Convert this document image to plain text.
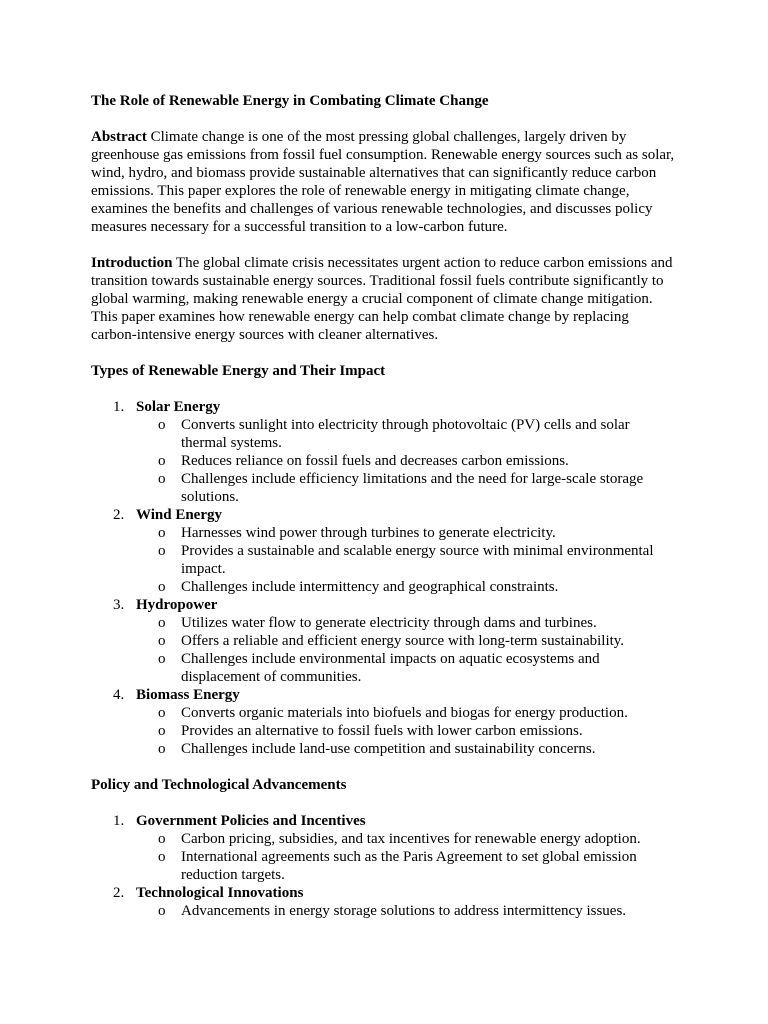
The Role of Renewable Energy in Combating Climate Change

Abstract Climate change is one of the most pressing global challenges, largely driven by
greenhouse gas emissions from fossil fuel consumption. Renewable energy sources such as solar,
wind, hydro, and biomass provide sustainable alternatives that can significantly reduce carbon
emissions. This paper explores the role of renewable energy in mitigating climate change,
examines the benefits and challenges of various renewable technologies, and discusses policy
measures necessary for a successful transition to a low-carbon future.

Introduction The global climate crisis necessitates urgent action to reduce carbon emissions and
transition towards sustainable energy sources. Traditional fossil fuels contribute significantly to
global warming, making renewable energy a crucial component of climate change mitigation.
This paper examines how renewable energy can help combat climate change by replacing
carbon-intensive energy sources with cleaner alternatives.

Types of Renewable Energy and Their Impact

1. Solar Energy
o Converts sunlight into electricity through photovoltaic (PV) cells and solar
thermal systems.
o Reduces reliance on fossil fuels and decreases carbon emissions.
o Challenges include efficiency limitations and the need for large-scale storage
solutions.
2. Wind Energy
o Harnesses wind power through turbines to generate electricity.
o Provides a sustainable and scalable energy source with minimal environmental
impact.
o Challenges include intermittency and geographical constraints.
3. Hydropower
o Utilizes water flow to generate electricity through dams and turbines.
o Offers a reliable and efficient energy source with long-term sustainability.
o Challenges include environmental impacts on aquatic ecosystems and
displacement of communities.
4. Biomass Energy
o Converts organic materials into biofuels and biogas for energy production.
o Provides an alternative to fossil fuels with lower carbon emissions.
o Challenges include land-use competition and sustainability concerns.

Policy and Technological Advancements

1. Government Policies and Incentives
o Carbon pricing, subsidies, and tax incentives for renewable energy adoption.
o International agreements such as the Paris Agreement to set global emission
reduction targets.
2. Technological Innovations
o Advancements in energy storage solutions to address intermittency issues.
